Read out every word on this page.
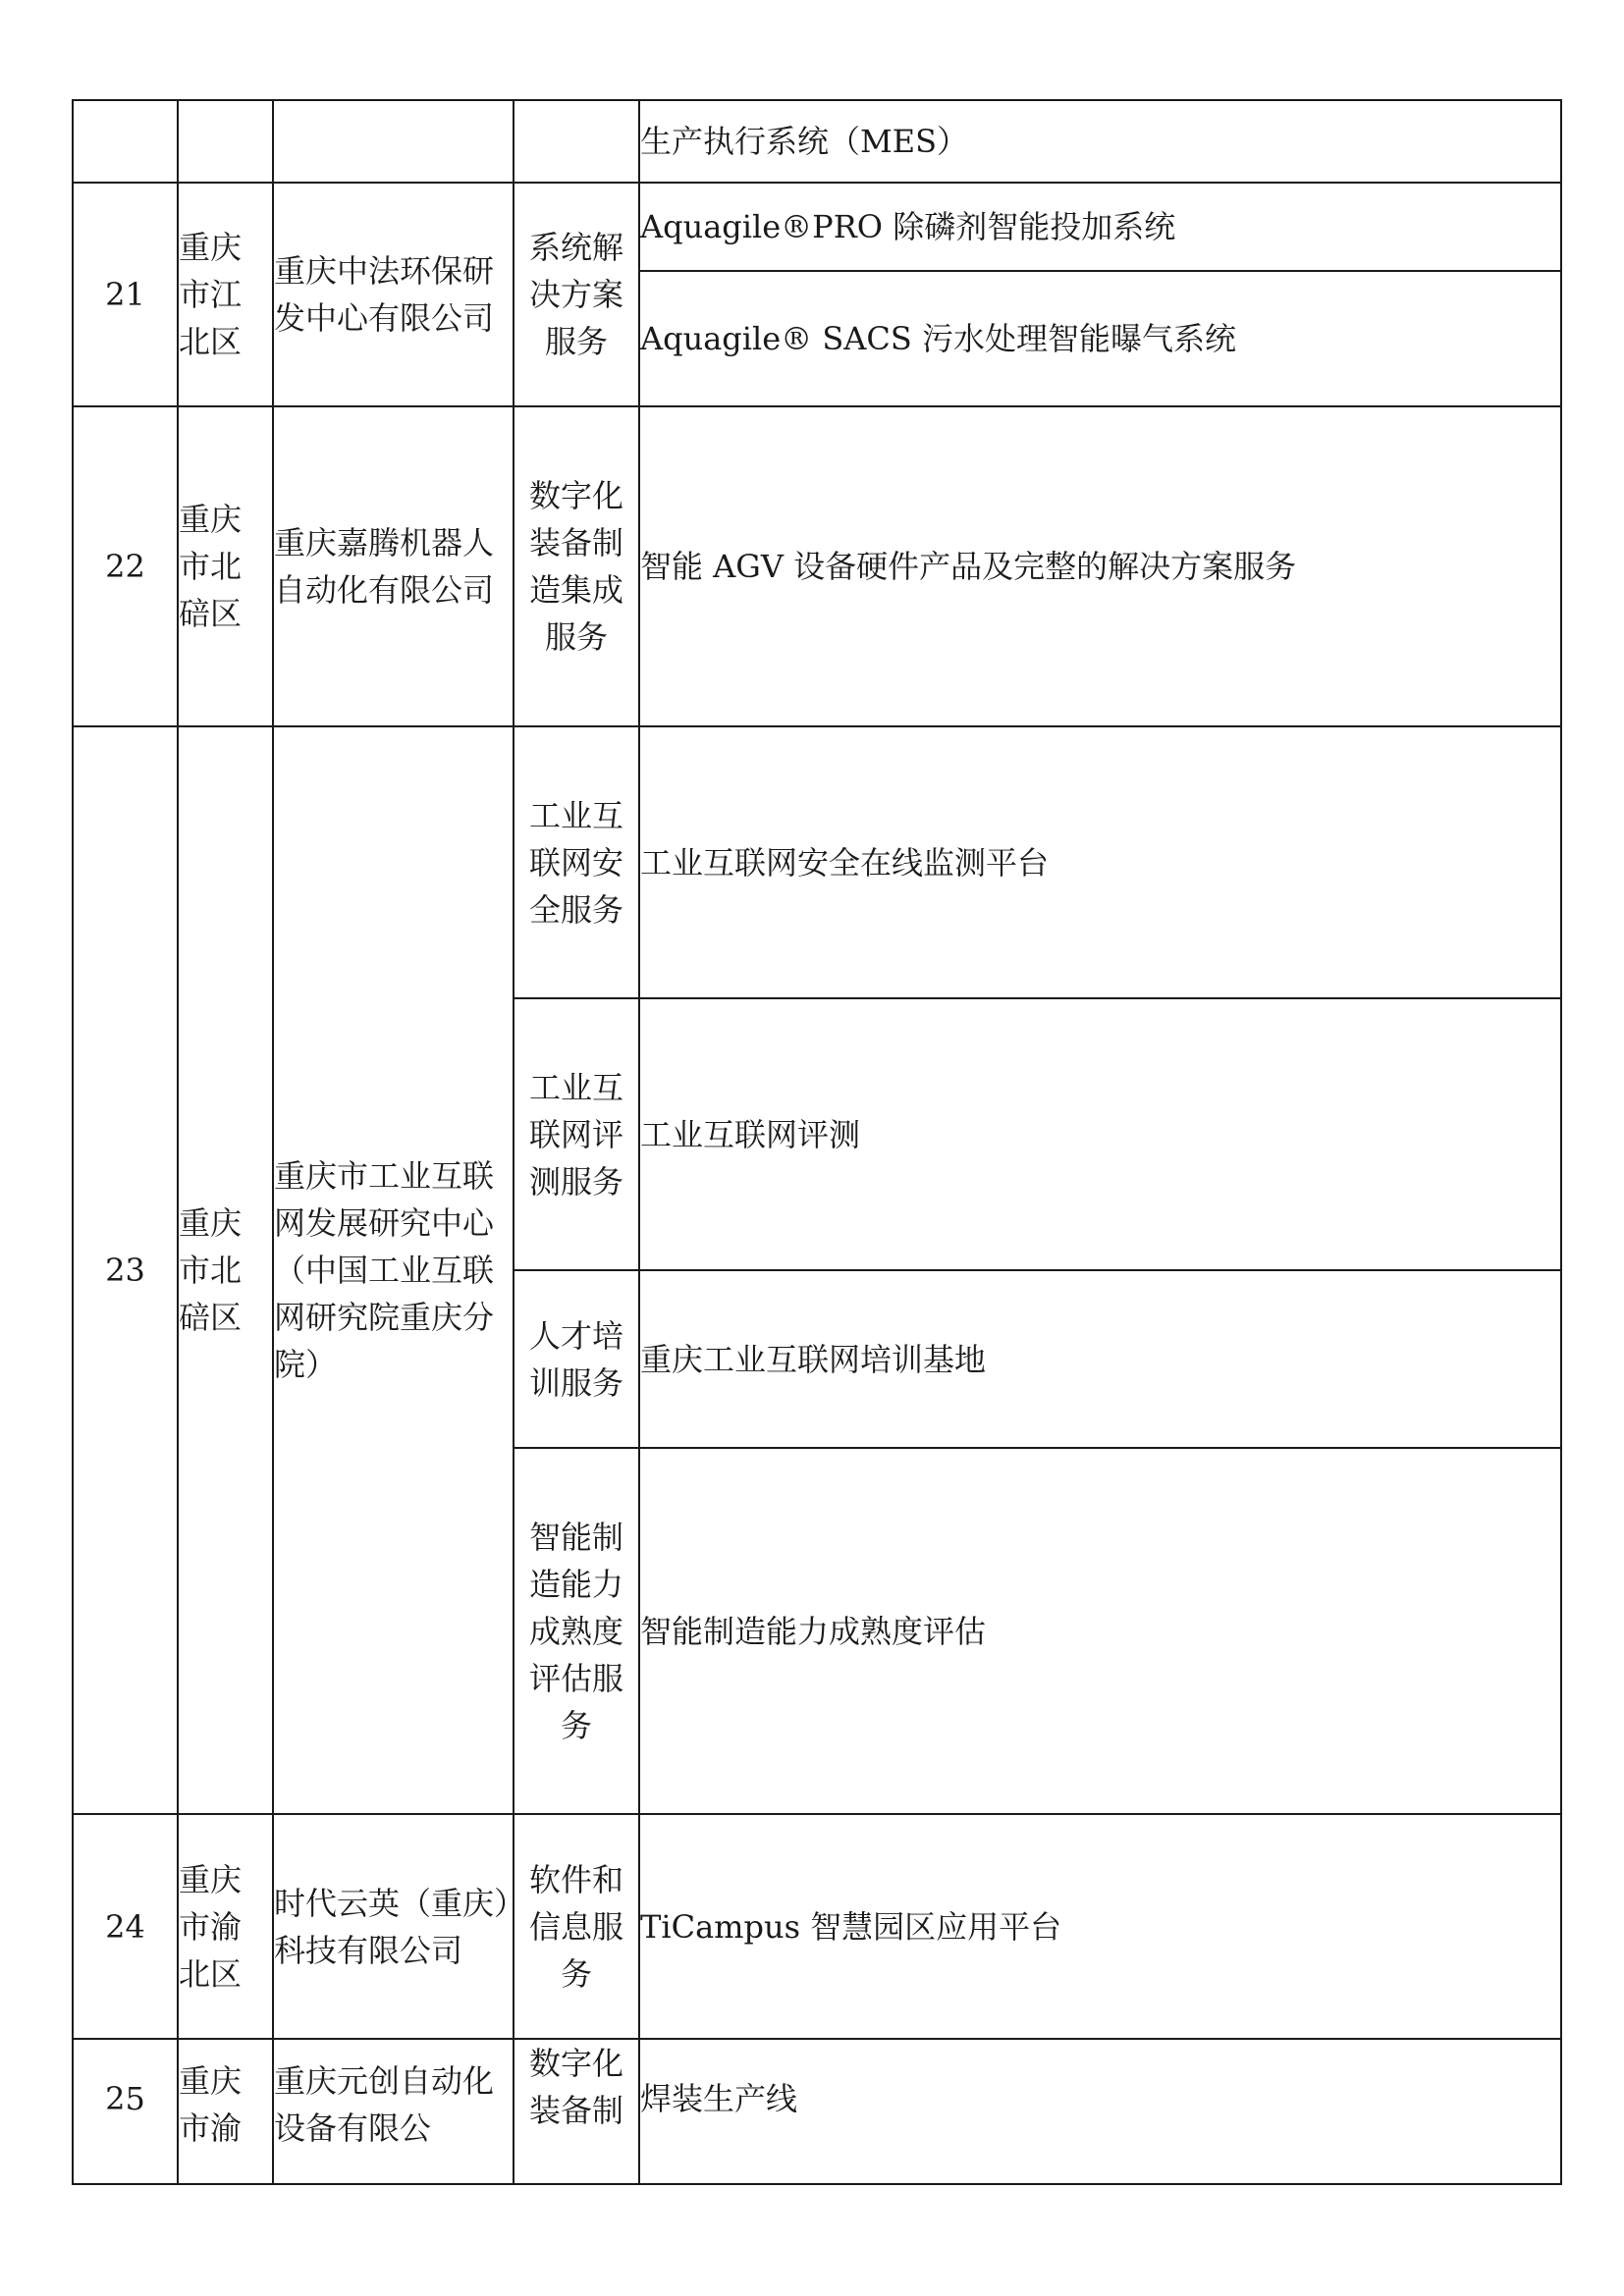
				生产执行系统（MES）

21	重庆市江北区	重庆中法环保研发中心有限公司	系统解决方案服务	Aquagile®PRO 除磷剂智能投加系统

				Aquagile® SACS 污水处理智能曝气系统

22	重庆市北碚区	重庆嘉腾机器人自动化有限公司	数字化装备制造集成服务	智能 AGV 设备硬件产品及完整的解决方案服务

23	重庆市北碚区	重庆市工业互联网发展研究中心（中国工业互联网研究院重庆分院）	工业互联网安全服务	工业互联网安全在线监测平台

			工业互联网评测服务	工业互联网评测

			人才培训服务	重庆工业互联网培训基地

			智能制造能力成熟度评估服务	智能制造能力成熟度评估

24	重庆市渝北区	时代云英（重庆）科技有限公司	软件和信息服务	TiCampus 智慧园区应用平台

25	重庆市渝	重庆元创自动化设备有限公	数字化装备制	焊装生产线
